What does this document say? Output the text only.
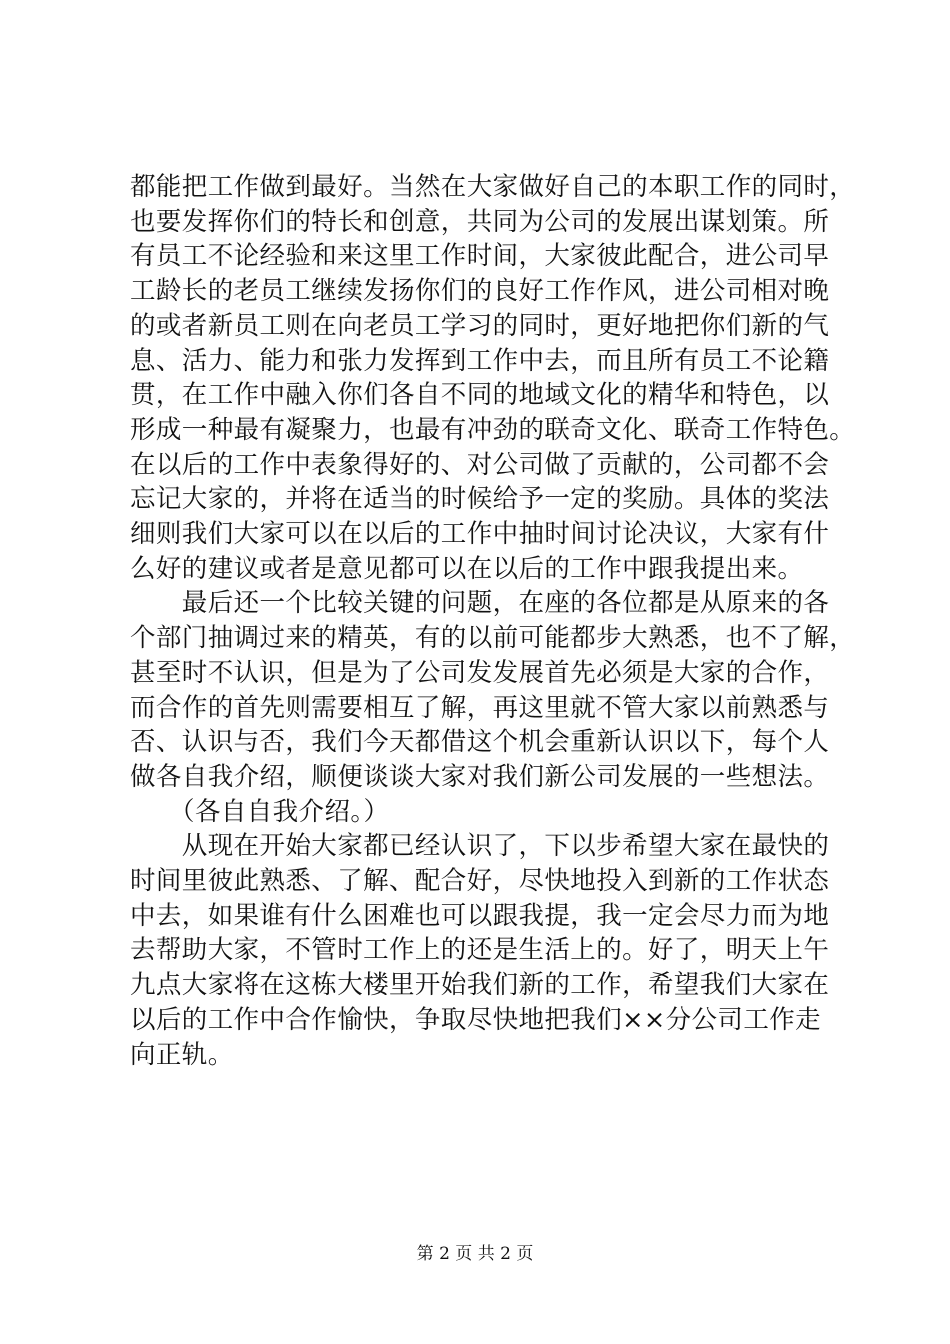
都能把工作做到最好。当然在大家做好自己的本职工作的同时，
也要发挥你们的特长和创意，共同为公司的发展出谋划策。所
有员工不论经验和来这里工作时间，大家彼此配合，进公司早
工龄长的老员工继续发扬你们的良好工作作风，进公司相对晚
的或者新员工则在向老员工学习的同时，更好地把你们新的气
息、活力、能力和张力发挥到工作中去，而且所有员工不论籍
贯，在工作中融入你们各自不同的地域文化的精华和特色，以
形成一种最有凝聚力，也最有冲劲的联奇文化、联奇工作特色。
在以后的工作中表象得好的、对公司做了贡献的，公司都不会
忘记大家的，并将在适当的时候给予一定的奖励。具体的奖法
细则我们大家可以在以后的工作中抽时间讨论决议，大家有什
么好的建议或者是意见都可以在以后的工作中跟我提出来。

　　最后还一个比较关键的问题，在座的各位都是从原来的各
个部门抽调过来的精英，有的以前可能都步大熟悉，也不了解，
甚至时不认识，但是为了公司发发展首先必须是大家的合作，
而合作的首先则需要相互了解，再这里就不管大家以前熟悉与
否、认识与否，我们今天都借这个机会重新认识以下，每个人
做各自我介绍，顺便谈谈大家对我们新公司发展的一些想法。

　　（各自自我介绍。）

　　从现在开始大家都已经认识了，下以步希望大家在最快的
时间里彼此熟悉、了解、配合好，尽快地投入到新的工作状态
中去，如果谁有什么困难也可以跟我提，我一定会尽力而为地
去帮助大家，不管时工作上的还是生活上的。好了，明天上午
九点大家将在这栋大楼里开始我们新的工作，希望我们大家在
以后的工作中合作愉快，争取尽快地把我们××分公司工作走
向正轨。

第 2 页 共 2 页
